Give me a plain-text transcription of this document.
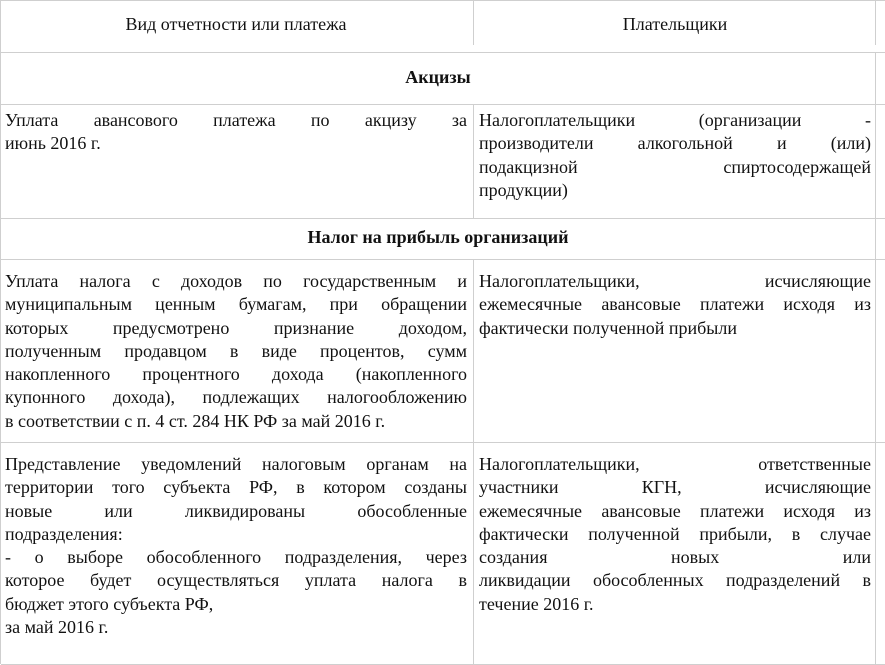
Вид отчетности или платежа	Плательщики
Акцизы
Уплата авансового платежа по акцизу за
июнь 2016 г.
Налогоплательщики (организации -
производители алкогольной и (или)
подакцизной спиртосодержащей
продукции)
Налог на прибыль организаций
Уплата налога с доходов по государственным и
муниципальным ценным бумагам, при обращении
которых предусмотрено признание доходом,
полученным продавцом в виде процентов, сумм
накопленного процентного дохода (накопленного
купонного дохода), подлежащих налогообложению
в соответствии с п. 4 ст. 284 НК РФ за май 2016 г.
Налогоплательщики, исчисляющие
ежемесячные авансовые платежи исходя из
фактически полученной прибыли
Представление уведомлений налоговым органам на
территории того субъекта РФ, в котором созданы
новые или ликвидированы обособленные
подразделения:
- о выборе обособленного подразделения, через
которое будет осуществляться уплата налога в
бюджет этого субъекта РФ,
за май 2016 г.
Налогоплательщики, ответственные
участники КГН, исчисляющие
ежемесячные авансовые платежи исходя из
фактически полученной прибыли, в случае
создания новых или
ликвидации обособленных подразделений в
течение 2016 г.
